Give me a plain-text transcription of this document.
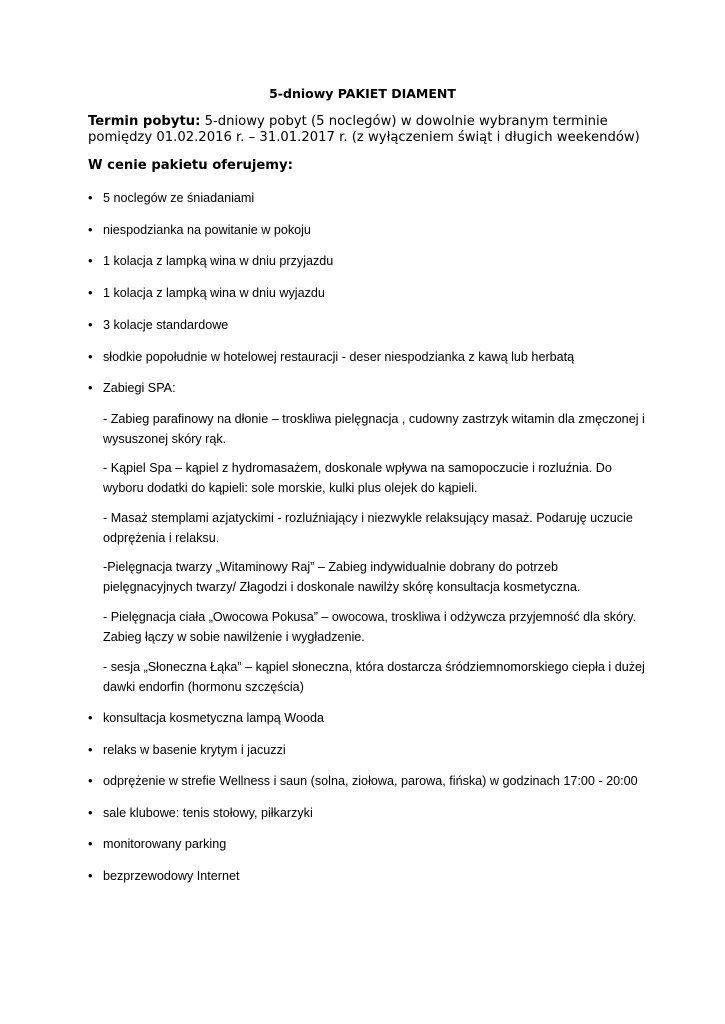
5-dniowy PAKIET DIAMENT

Termin pobytu: 5-dniowy pobyt (5 noclegów) w dowolnie wybranym terminie pomiędzy 01.02.2016 r. – 31.01.2017 r. (z wyłączeniem świąt i długich weekendów)

W cenie pakietu oferujemy:
• 5 noclegów ze śniadaniami
• niespodzianka na powitanie w pokoju
• 1 kolacja z lampką wina w dniu przyjazdu
• 1 kolacja z lampką wina w dniu wyjazdu
• 3 kolacje standardowe
• słodkie popołudnie w hotelowej restauracji - deser niespodzianka z kawą lub herbatą
• Zabiegi SPA:

- Zabieg parafinowy na dłonie – troskliwa pielęgnacja , cudowny zastrzyk witamin dla zmęczonej i wysuszonej skóry rąk.

- Kąpiel Spa – kąpiel z hydromasażem, doskonale wpływa na samopoczucie i rozluźnia. Do wyboru dodatki do kąpieli: sole morskie, kulki plus olejek do kąpieli.

- Masaż stemplami azjatyckimi - rozluźniający i niezwykle relaksujący masaż. Podaruję uczucie odprężenia i relaksu.

-Pielęgnacja twarzy „Witaminowy Raj” – Zabieg indywidualnie dobrany do potrzeb pielęgnacyjnych twarzy/ Złagodzi i doskonale nawilży skórę konsultacja kosmetyczna.

- Pielęgnacja ciała „Owocowa Pokusa” – owocowa, troskliwa i odżywcza przyjemność dla skóry. Zabieg łączy w sobie nawilżenie i wygładzenie.

- sesja „Słoneczna Łąka” – kąpiel słoneczna, która dostarcza śródziemnomorskiego ciepła i dużej dawki endorfin (hormonu szczęścia)

• konsultacja kosmetyczna lampą Wooda
• relaks w basenie krytym i jacuzzi
• odprężenie w strefie Wellness i saun (solna, ziołowa, parowa, fińska) w godzinach 17:00 - 20:00
• sale klubowe: tenis stołowy, piłkarzyki
• monitorowany parking
• bezprzewodowy Internet
